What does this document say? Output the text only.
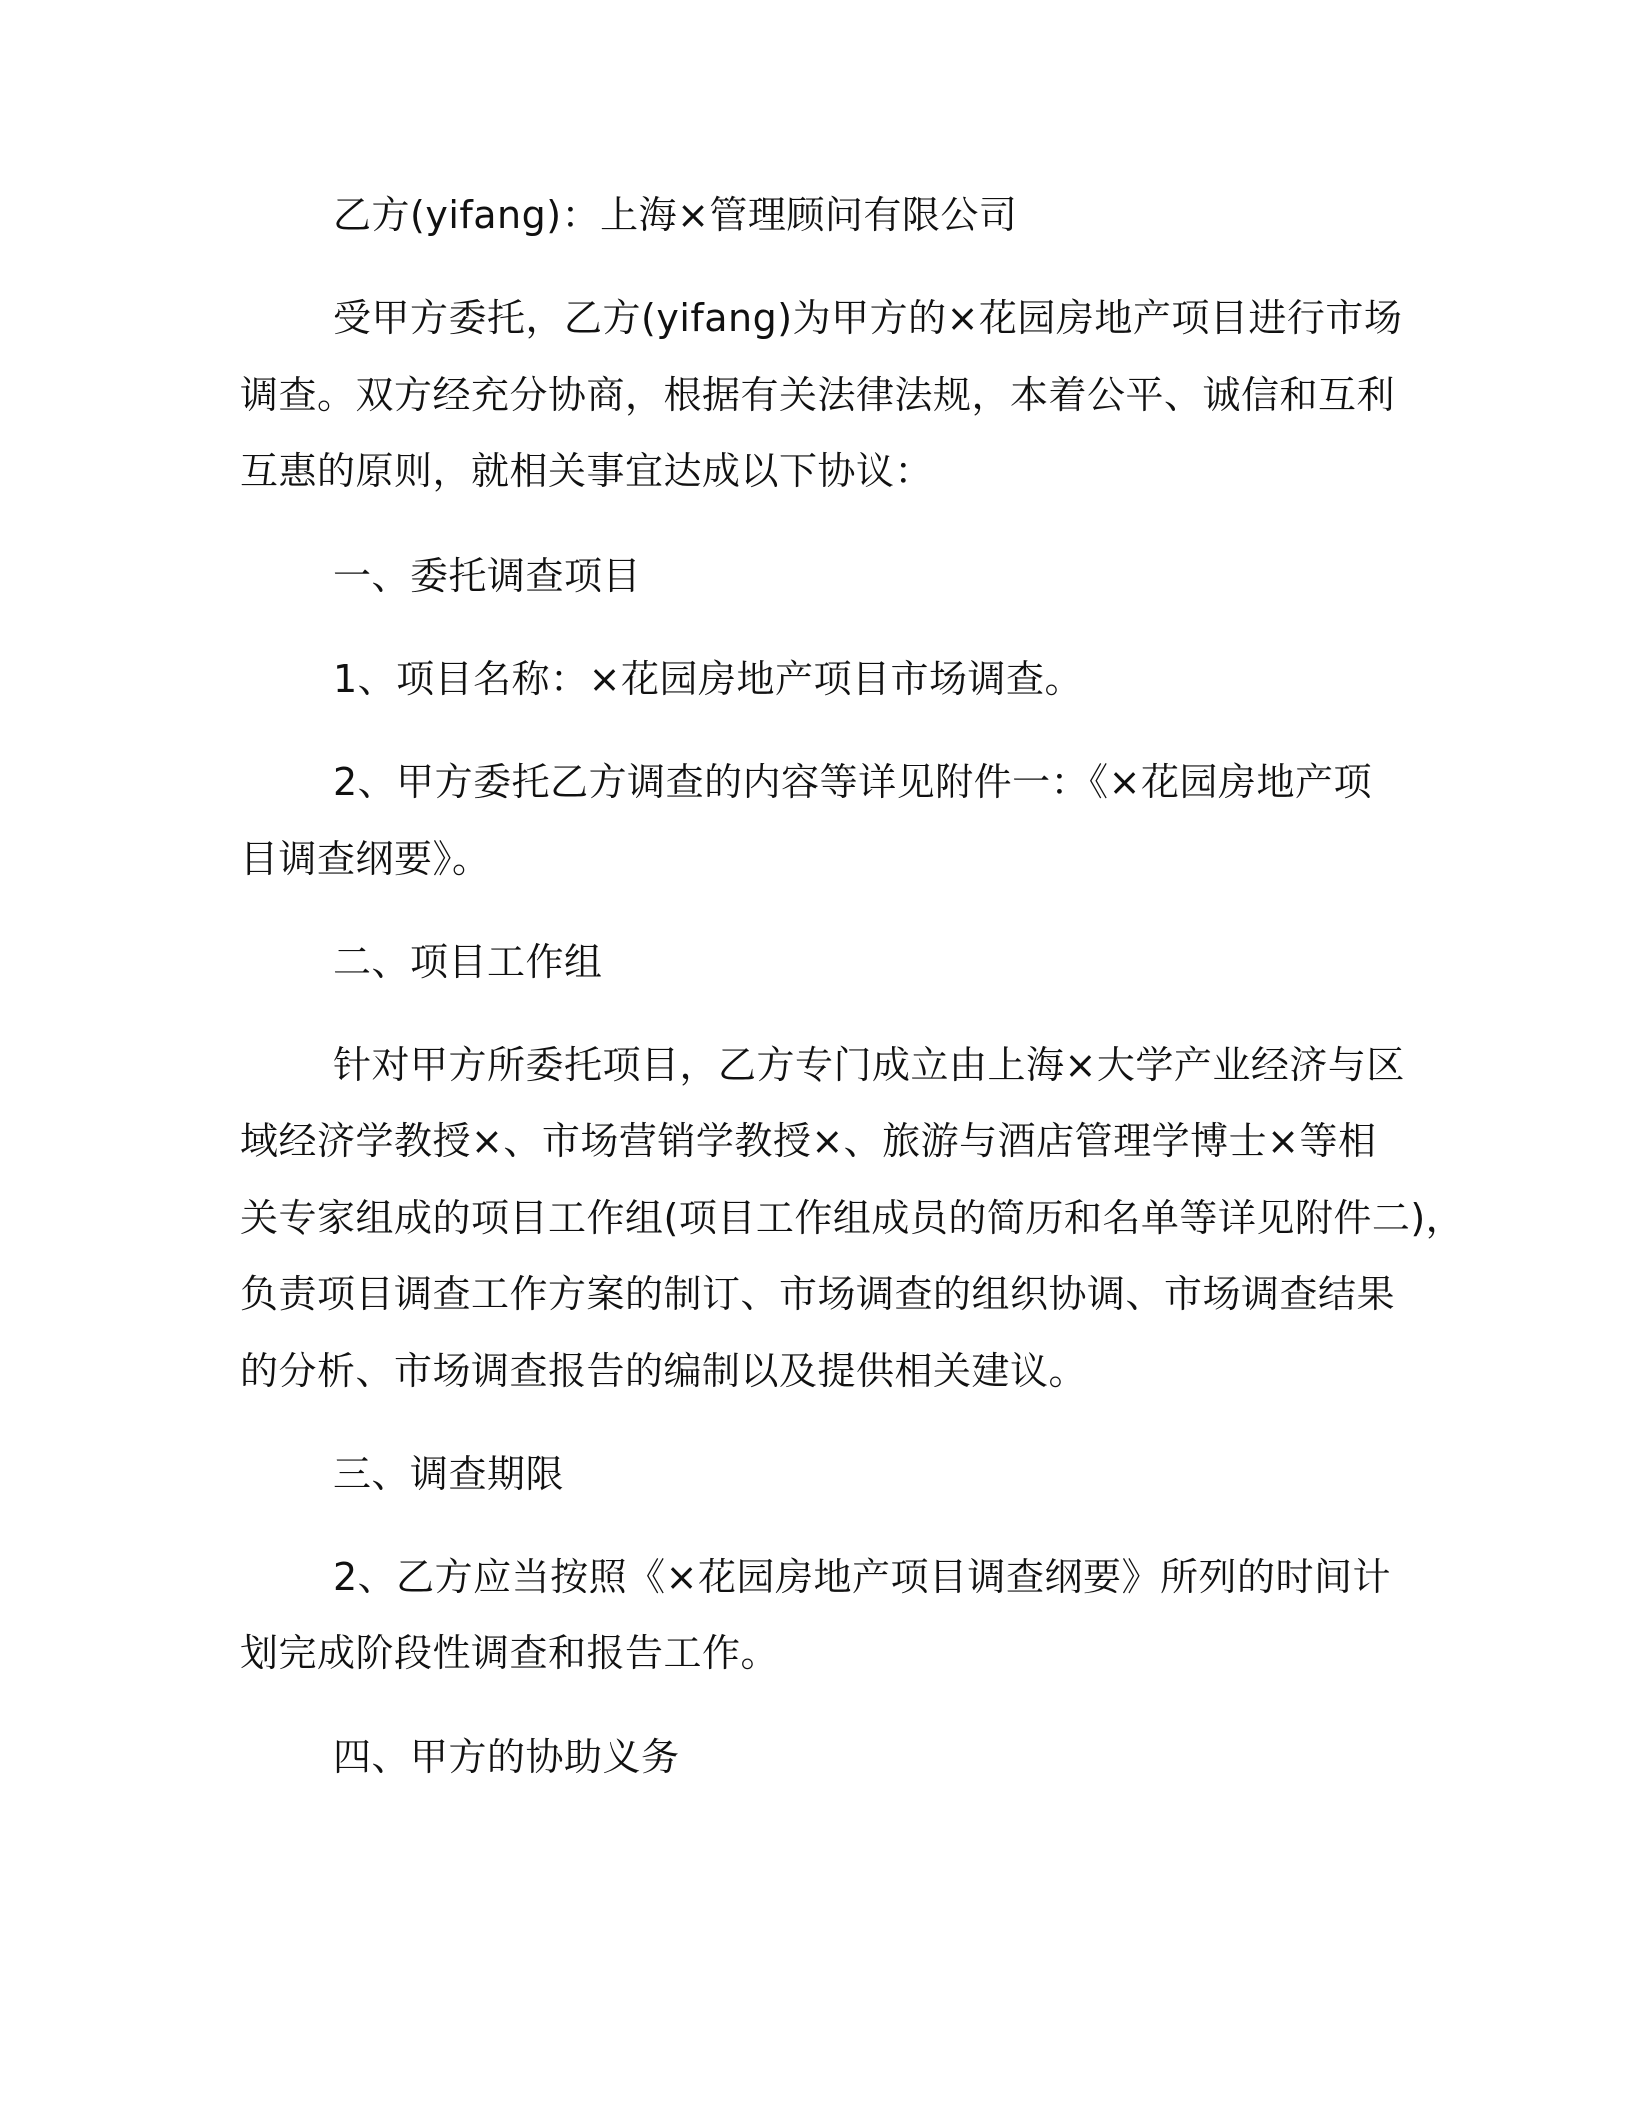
乙方(yifang)：上海×管理顾问有限公司
受甲方委托，乙方(yifang)为甲方的×花园房地产项目进行市场
调查。双方经充分协商，根据有关法律法规，本着公平、诚信和互利
互惠的原则，就相关事宜达成以下协议：
一、委托调查项目
1、项目名称：×花园房地产项目市场调查。
2、甲方委托乙方调查的内容等详见附件一：《×花园房地产项
目调查纲要》。
二、项目工作组
针对甲方所委托项目，乙方专门成立由上海×大学产业经济与区
域经济学教授×、市场营销学教授×、旅游与酒店管理学博士×等相
关专家组成的项目工作组(项目工作组成员的简历和名单等详见附件二)，
负责项目调查工作方案的制订、市场调查的组织协调、市场调查结果
的分析、市场调查报告的编制以及提供相关建议。
三、调查期限
2、乙方应当按照《×花园房地产项目调查纲要》所列的时间计
划完成阶段性调查和报告工作。
四、甲方的协助义务
